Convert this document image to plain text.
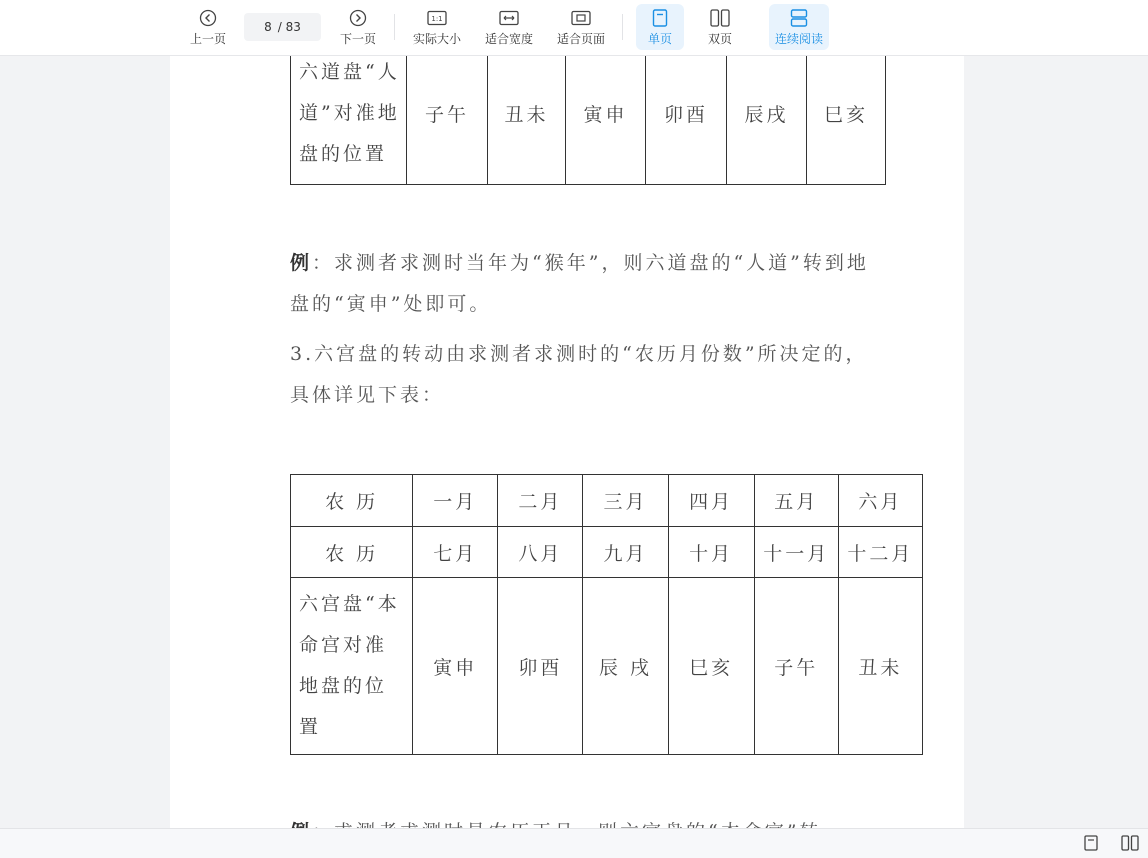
上一页
8 / 83
下一页
1:1
实际大小 适合宽度 适合页面	单页	双页	连续阅读
六道盘“人道”对准地盘的位置	子午	丑未	寅申	卯酉	辰戌	巳亥
例：求测者求测时当年为“猴年”，则六道盘的“人道”转到地盘的“寅申”处即可。
3.六宫盘的转动由求测者求测时的“农历月份数”所决定的，具体详见下表：
农 历	一月	二月	三月	四月	五月	六月
农 历	七月	八月	九月	十月	十一月	十二月
六宫盘“本命宫对准地盘的位置	寅申	卯酉	辰 戌	巳亥	子午	丑未
